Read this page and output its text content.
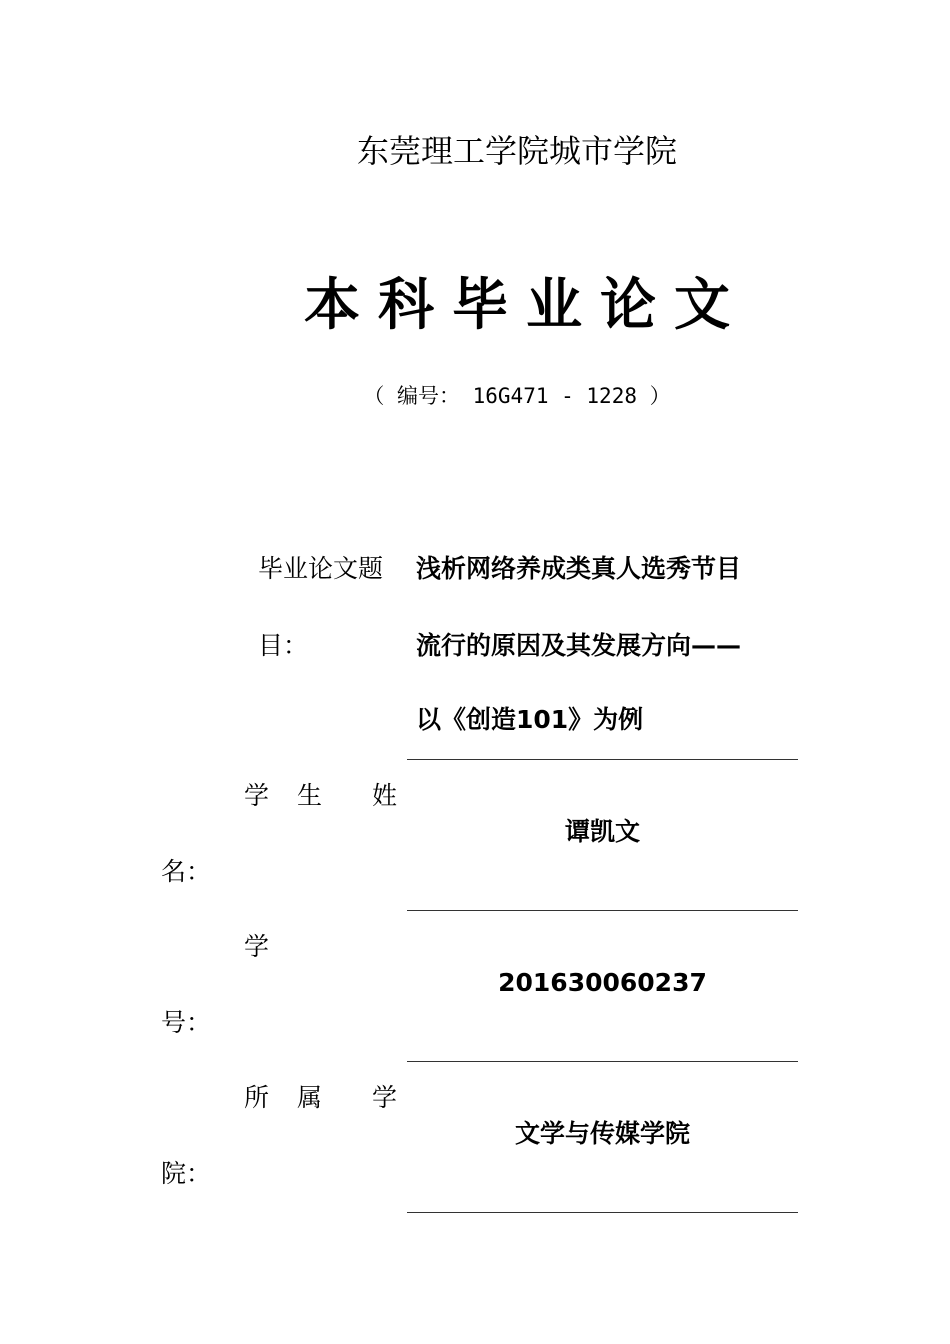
东莞理工学院城市学院
本 科 毕 业 论 文
（ 编号： 16G471 - 1228 ）
毕业论文题
目：
浅析网络养成类真人选秀节目
流行的原因及其发展方向——
以《创造101》为例
学 生 姓
名：
谭凯文
学
号：
201630060237
所 属 学
院：
文学与传媒学院
